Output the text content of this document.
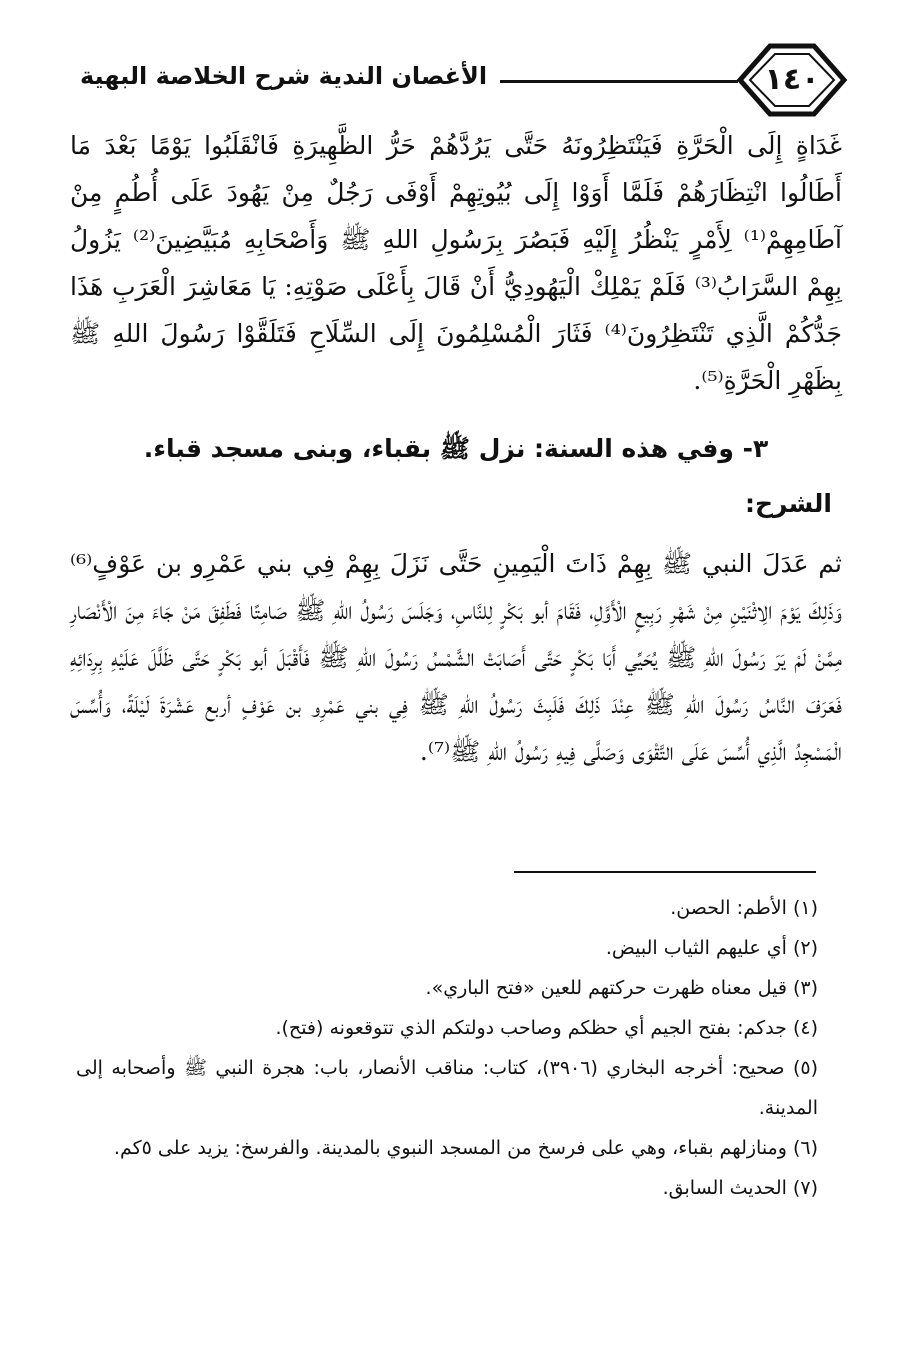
الأغصان الندية شرح الخلاصة البهية	١٤٠

غَدَاةٍ إِلَى الْحَرَّةِ فَيَنْتَظِرُونَهُ حَتَّى يَرُدَّهُمْ حَرُّ الظَّهِيرَةِ فَانْقَلَبُوا يَوْمًا بَعْدَ مَا أَطَالُوا انْتِظَارَهُمْ فَلَمَّا أَوَوْا إِلَى بُيُوتِهِمْ أَوْفَى رَجُلٌ مِنْ يَهُودَ عَلَى أُطُمٍ مِنْ آطَامِهِمْ⁽¹⁾ لِأَمْرٍ يَنْظُرُ إِلَيْهِ فَبَصُرَ بِرَسُولِ اللهِ ﷺ وَأَصْحَابِهِ مُبَيَّضِينَ⁽²⁾ يَزُولُ بِهِمْ السَّرَابُ⁽³⁾ فَلَمْ يَمْلِكْ الْيَهُودِيُّ أَنْ قَالَ بِأَعْلَى صَوْتِهِ: يَا مَعَاشِرَ الْعَرَبِ هَذَا جَدُّكُمْ الَّذِي تَنْتَظِرُونَ⁽⁴⁾ فَثَارَ الْمُسْلِمُونَ إِلَى السِّلَاحِ فَتَلَقَّوْا رَسُولَ اللهِ ﷺ بِظَهْرِ الْحَرَّةِ⁽⁵⁾.

٣- وفي هذه السنة: نزل ﷺ بقباء، وبنى مسجد قباء.
الشرح:

ثم عَدَلَ النبي ﷺ بِهِمْ ذَاتَ الْيَمِينِ حَتَّى نَزَلَ بِهِمْ فِي بني عَمْرِو بن عَوْفٍ⁽⁶⁾ وَذَلِكَ يَوْمَ الِاثْنَيْنِ مِنْ شَهْرِ رَبِيعٍ الْأَوَّلِ، فَقَامَ أبو بَكْرٍ لِلنَّاسِ، وَجَلَسَ رَسُولُ اللهِ ﷺ صَامِتًا فَطَفِقَ مَنْ جَاءَ مِنَ الْأَنْصَارِ مِمَّنْ لَمْ يَرَ رَسُولَ اللهِ ﷺ يُحَيِّي أَبَا بَكْرٍ حَتَّى أَصَابَتْ الشَّمْسُ رَسُولَ اللهِ ﷺ فَأَقْبَلَ أبو بَكْرٍ حَتَّى ظَلَّلَ عَلَيْهِ بِرِدَائِهِ فَعَرَفَ النَّاسُ رَسُولَ اللهِ ﷺ عِنْدَ ذَلِكَ فَلَبِثَ رَسُولُ اللهِ ﷺ فِي بني عَمْرِو بن عَوْفٍ أربع عَشْرَةَ لَيْلَةً، وَأُسِّسَ الْمَسْجِدُ الَّذِي أُسِّسَ عَلَى التَّقْوَى وَصَلَّى فِيهِ رَسُولُ اللهِ ﷺ⁽⁷⁾.

(١) الأطم: الحصن.

(٢) أي عليهم الثياب البيض.

(٣) قيل معناه ظهرت حركتهم للعين «فتح الباري».

(٤) جدكم: بفتح الجيم أي حظكم وصاحب دولتكم الذي تتوقعونه (فتح).

(٥) صحيح: أخرجه البخاري (٣٩٠٦)، كتاب: مناقب الأنصار، باب: هجرة النبي ﷺ وأصحابه إلى المدينة.

(٦) ومنازلهم بقباء، وهي على فرسخ من المسجد النبوي بالمدينة. والفرسخ: يزيد على ٥كم.

(٧) الحديث السابق.
